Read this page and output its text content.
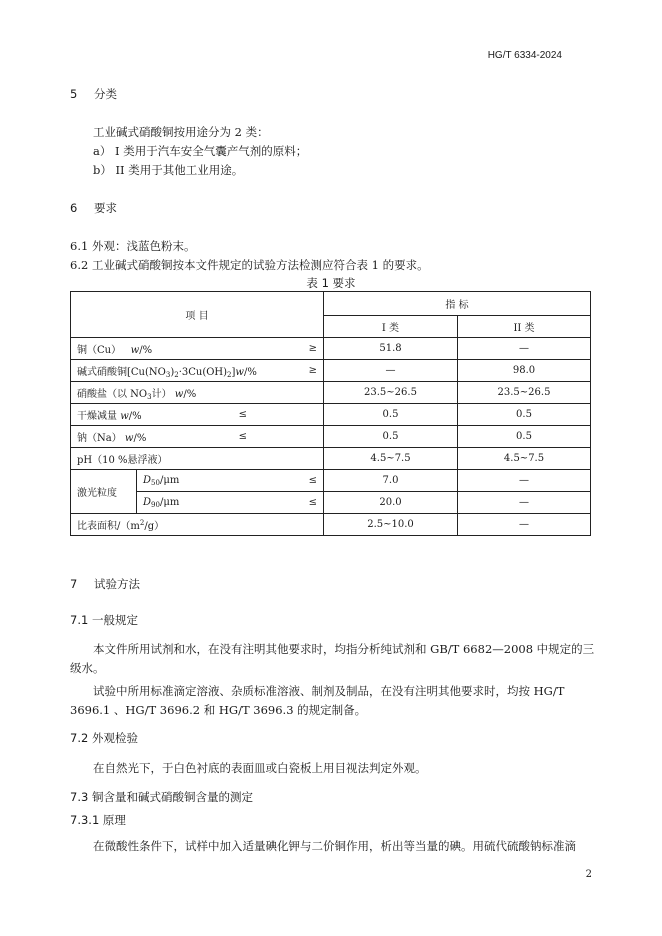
HG/T 6334-2024
5 分类
工业碱式硝酸铜按用途分为 2 类：
a） I 类用于汽车安全气囊产气剂的原料；
b） II 类用于其他工业用途。
6 要求
6.1 外观：浅蓝色粉末。
6.2 工业碱式硝酸铜按本文件规定的试验方法检测应符合表 1 的要求。
表 1 要求
项 目		指 标	
		I 类	II 类

铜（Cu） w/% ≥		51.8	—

碱式硝酸铜$[Cu(NO_3)_2\cdot 3Cu(OH)_2]w/\%$ ≥		—	98.0
硝酸盐（以 $NO_3$计） w/%		23.5~26.5	23.5~26.5

干燥减量 w/% ≤		0.5	0.5

钠（Na） w/% ≤		0.5	0.5
pH（10 %悬浮液）		4.5~7.5	4.5~7.5
激光粒度	$D_{50}/\mu m$ ≤	7.0	—

	$D_{90}/\mu m$ ≤	20.0	—
比表面积$/(m^2/g)$		2.5~10.0	—
7 试验方法
7.1 一般规定
本文件所用试剂和水，在没有注明其他要求时，均指分析纯试剂和 GB/T 6682—2008 中规定的三
级水。
试验中所用标准滴定溶液、杂质标准溶液、制剂及制品，在没有注明其他要求时，均按 HG/T
3696.1 、HG/T 3696.2 和 HG/T 3696.3 的规定制备。
7.2 外观检验
在自然光下，于白色衬底的表面皿或白瓷板上用目视法判定外观。
7.3 铜含量和碱式硝酸铜含量的测定
7.3.1 原理
在微酸性条件下，试样中加入适量碘化钾与二价铜作用，析出等当量的碘。用硫代硫酸钠标准滴
2
